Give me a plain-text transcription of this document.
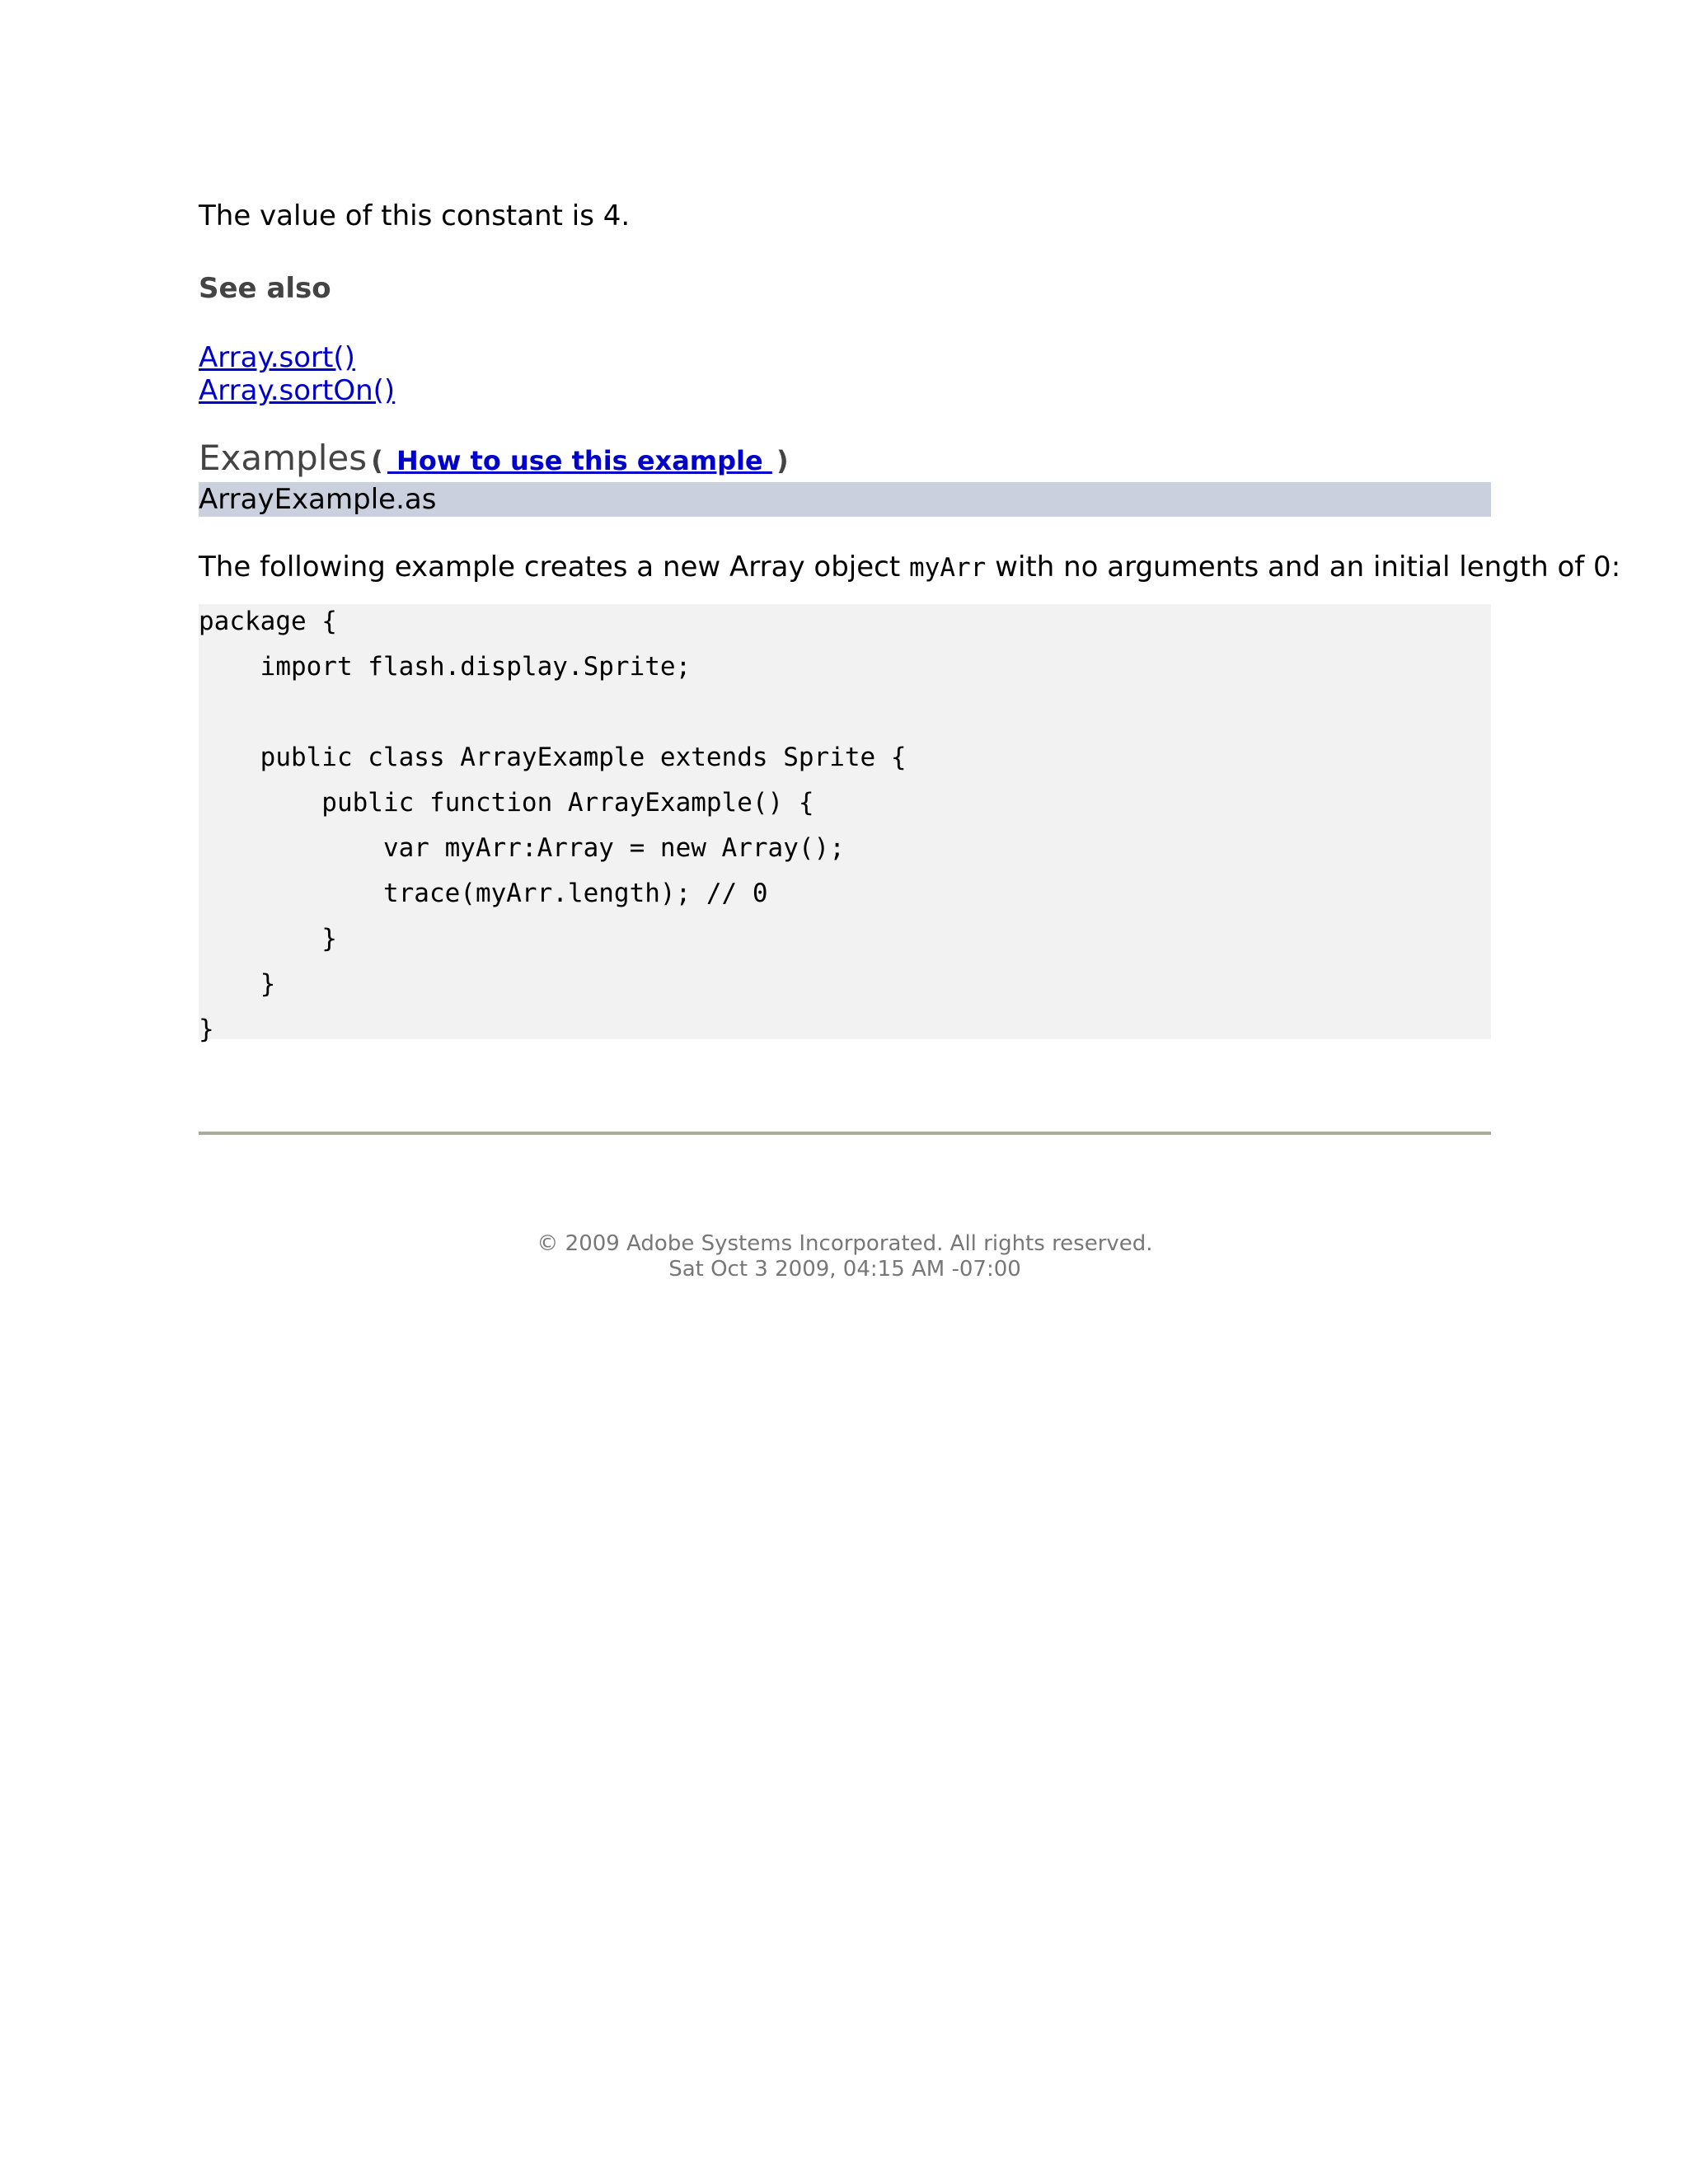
The value of this constant is 4.
See also
Array.sort()
Array.sortOn()
Examples (  How to use this example  )
ArrayExample.as
The following example creates a new Array object myArr with no arguments and an initial length of 0:
package {
import flash.display.Sprite;

public class ArrayExample extends Sprite {
public function ArrayExample() {
var myArr:Array = new Array();
trace(myArr.length); // 0
}
}
}
© 2009 Adobe Systems Incorporated. All rights reserved.
Sat Oct 3 2009, 04:15 AM -07:00
